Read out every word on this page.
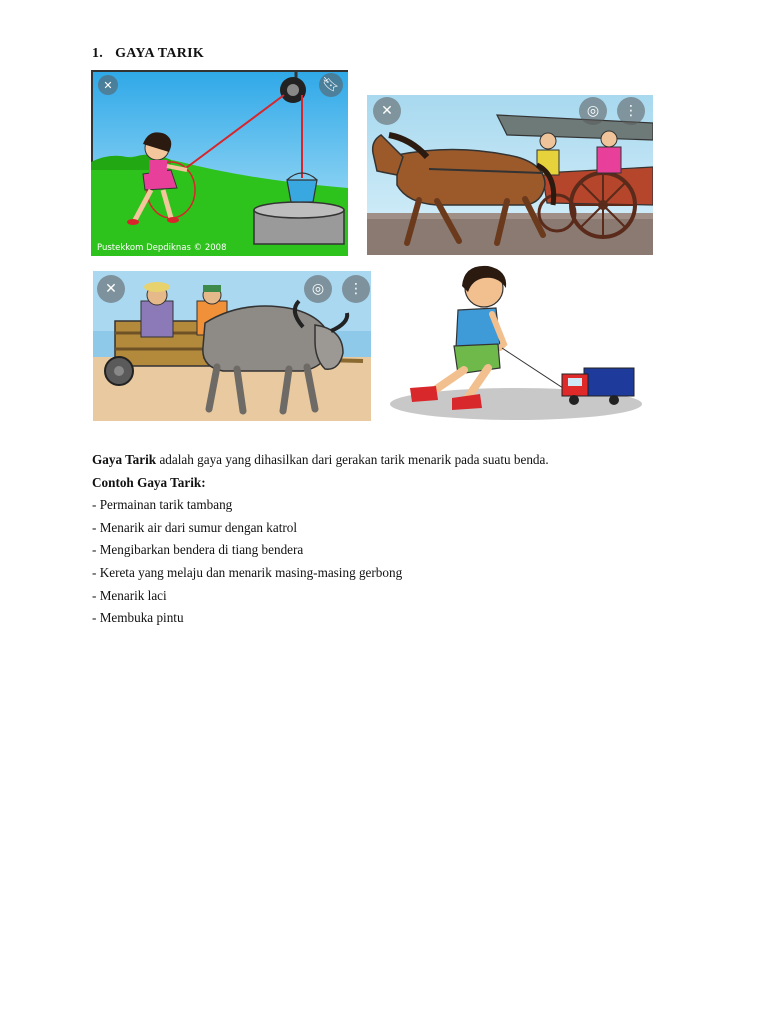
1. GAYA TARIK
✕	🔖︎
Pustekkom Depdiknas © 2008
✕	◎ ⋮
✕	◎ ⋮

Gaya Tarik adalah gaya yang dihasilkan dari gerakan tarik menarik pada suatu benda.

Contoh Gaya Tarik:

- Permainan tarik tambang
- Menarik air dari sumur dengan katrol
- Mengibarkan bendera di tiang bendera
- Kereta yang melaju dan menarik masing-masing gerbong
- Menarik laci
- Membuka pintu
